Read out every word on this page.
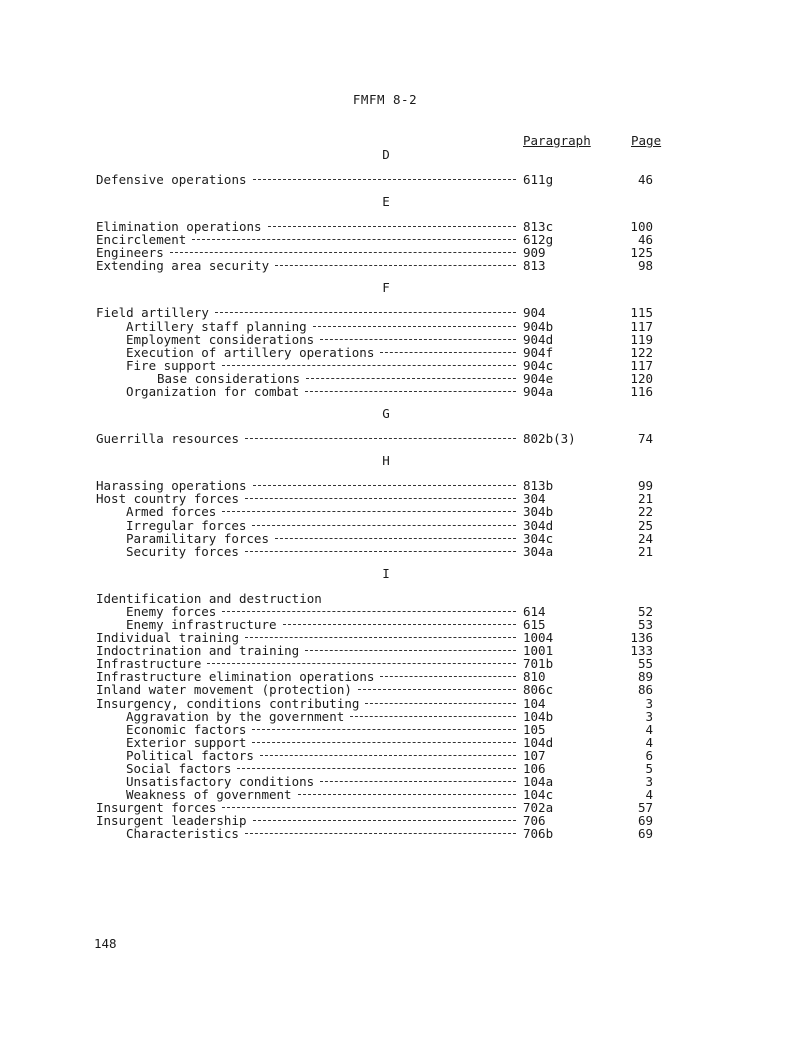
FMFM 8-2
Paragraph	Page
D
Defensive operations	611g	46
E
Elimination operations	813c	100
Encirclement	612g	46
Engineers	909	125
Extending area security	813	98
F
Field artillery	904	115
Artillery staff planning	904b	117
Employment considerations	904d	119
Execution of artillery operations	904f	122
Fire support	904c	117
Base considerations	904e	120
Organization for combat	904a	116
G
Guerrilla resources	802b(3)	74
H
Harassing operations	813b	99
Host country forces	304	21
Armed forces	304b	22
Irregular forces	304d	25
Paramilitary forces	304c	24
Security forces	304a	21
I
Identification and destruction
Enemy forces	614	52
Enemy infrastructure	615	53
Individual training	1004	136
Indoctrination and training	1001	133
Infrastructure	701b	55
Infrastructure elimination operations	810	89
Inland water movement (protection)	806c	86
Insurgency, conditions contributing	104	3
Aggravation by the government	104b	3
Economic factors	105	4
Exterior support	104d	4
Political factors	107	6
Social factors	106	5
Unsatisfactory conditions	104a	3
Weakness of government	104c	4
Insurgent forces	702a	57
Insurgent leadership	706	69
Characteristics	706b	69
148
